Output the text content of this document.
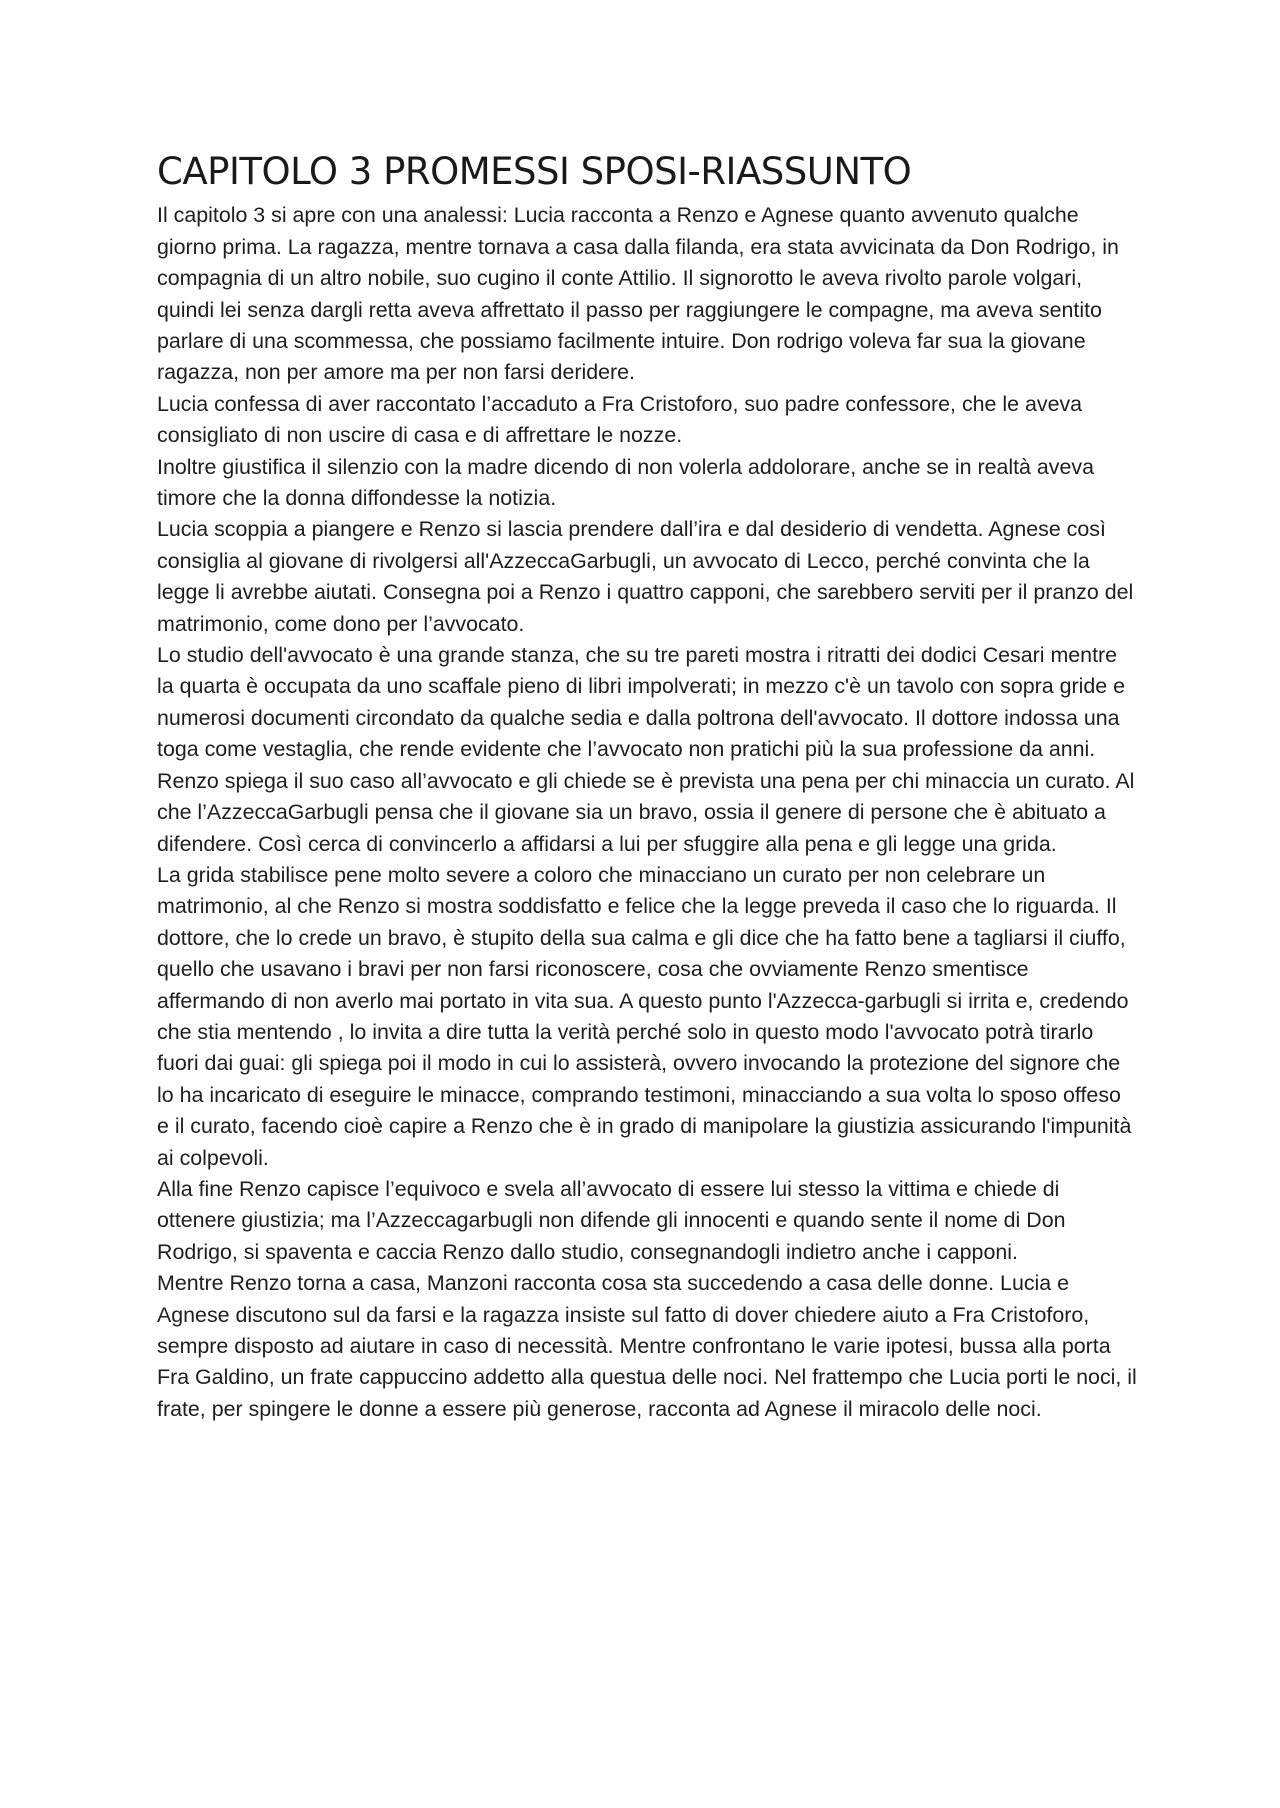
CAPITOLO 3 PROMESSI SPOSI-RIASSUNTO

Il capitolo 3 si apre con una analessi: Lucia racconta a Renzo e Agnese quanto avvenuto qualche giorno prima. La ragazza, mentre tornava a casa dalla filanda, era stata avvicinata da Don Rodrigo, in compagnia di un altro nobile, suo cugino il conte Attilio. Il signorotto le aveva rivolto parole volgari, quindi lei senza dargli retta aveva affrettato il passo per raggiungere le compagne, ma aveva sentito parlare di una scommessa, che possiamo facilmente intuire. Don rodrigo voleva far sua la giovane ragazza, non per amore ma per non farsi deridere.

Lucia confessa di aver raccontato l’accaduto a Fra Cristoforo, suo padre confessore, che le aveva consigliato di non uscire di casa e di affrettare le nozze.

Inoltre giustifica il silenzio con la madre dicendo di non volerla addolorare, anche se in realtà aveva timore che la donna diffondesse la notizia.

Lucia scoppia a piangere e Renzo si lascia prendere dall’ira e dal desiderio di vendetta. Agnese così consiglia al giovane di rivolgersi all'AzzeccaGarbugli, un avvocato di Lecco, perché convinta che la legge li avrebbe aiutati. Consegna poi a Renzo i quattro capponi, che sarebbero serviti per il pranzo del matrimonio, come dono per l’avvocato.

Lo studio dell'avvocato è una grande stanza, che su tre pareti mostra i ritratti dei dodici Cesari mentre la quarta è occupata da uno scaffale pieno di libri impolverati; in mezzo c'è un tavolo con sopra gride e numerosi documenti circondato da qualche sedia e dalla poltrona dell'avvocato. Il dottore indossa una toga come vestaglia, che rende evidente che l’avvocato non pratichi più la sua professione da anni.

Renzo spiega il suo caso all’avvocato e gli chiede se è prevista una pena per chi minaccia un curato. Al che l’AzzeccaGarbugli pensa che il giovane sia un bravo, ossia il genere di persone che è abituato a difendere. Così cerca di convincerlo a affidarsi a lui per sfuggire alla pena e gli legge una grida.

La grida stabilisce pene molto severe a coloro che minacciano un curato per non celebrare un matrimonio, al che Renzo si mostra soddisfatto e felice che la legge preveda il caso che lo riguarda. Il dottore, che lo crede un bravo, è stupito della sua calma e gli dice che ha fatto bene a tagliarsi il ciuffo, quello che usavano i bravi per non farsi riconoscere, cosa che ovviamente Renzo smentisce affermando di non averlo mai portato in vita sua. A questo punto l'Azzecca-garbugli si irrita e, credendo che stia mentendo , lo invita a dire tutta la verità perché solo in questo modo l'avvocato potrà tirarlo fuori dai guai: gli spiega poi il modo in cui lo assisterà, ovvero invocando la protezione del signore che lo ha incaricato di eseguire le minacce, comprando testimoni, minacciando a sua volta lo sposo offeso e il curato, facendo cioè capire a Renzo che è in grado di manipolare la giustizia assicurando l'impunità ai colpevoli.

Alla fine Renzo capisce l’equivoco e svela all’avvocato di essere lui stesso la vittima e chiede di ottenere giustizia; ma l’Azzeccagarbugli non difende gli innocenti e quando sente il nome di Don Rodrigo, si spaventa e caccia Renzo dallo studio, consegnandogli indietro anche i capponi.

Mentre Renzo torna a casa, Manzoni racconta cosa sta succedendo a casa delle donne. Lucia e Agnese discutono sul da farsi e la ragazza insiste sul fatto di dover chiedere aiuto a Fra Cristoforo, sempre disposto ad aiutare in caso di necessità. Mentre confrontano le varie ipotesi, bussa alla porta Fra Galdino, un frate cappuccino addetto alla questua delle noci. Nel frattempo che Lucia porti le noci, il frate, per spingere le donne a essere più generose, racconta ad Agnese il miracolo delle noci.
